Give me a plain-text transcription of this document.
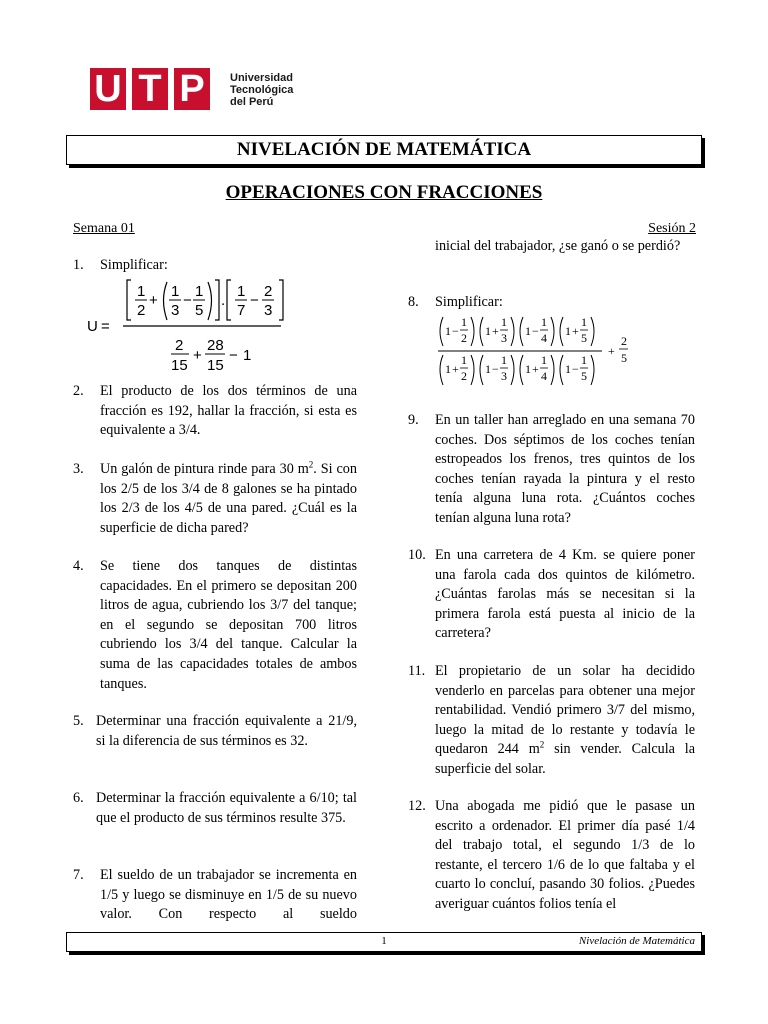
U T P	Universidad
Tecnológica
del Perú
NIVELACIÓN DE MATEMÁTICA
OPERACIONES CON FRACCIONES
Semana 01	Sesión 2
1. Simplificar:
U =
1
2
+
1
3
−
1
5
.
1
7
−
2
3
2
15
+
28
15
− 1
2. El producto de los dos términos de una fracción es 192, hallar la fracción, si esta es equivalente a 3/4.
3. Un galón de pintura rinde para 30 $m^2$. Si con los 2/5 de los 3/4 de 8 galones se ha pintado los 2/3 de los 4/5 de una pared. ¿Cuál es la superficie de dicha pared?
4. Se tiene dos tanques de distintas capacidades. En el primero se depositan 200 litros de agua, cubriendo los 3/7 del tanque; en el segundo se depositan 700 litros cubriendo los 3/4 del tanque. Calcular la suma de las capacidades totales de ambos tanques.
5. Determinar una fracción equivalente a 21/9, si la diferencia de sus términos es 32.
6. Determinar la fracción equivalente a 6/10; tal que el producto de sus términos resulte 375.
7. El sueldo de un trabajador se incrementa en 1/5 y luego se disminuye en 1/5 de su nuevo valor. Con respecto al sueldo
inicial del trabajador, ¿se ganó o se perdió?
8. Simplificar:
1 −
1
2 1 +
1
3 1 −
1
4 1 +
1
5
1 +
1
2 1 −
1
3 1 +
1
4 1 −
1
5
+
2
5
9. En un taller han arreglado en una semana 70 coches. Dos séptimos de los coches tenían estropeados los frenos, tres quintos de los coches tenían rayada la pintura y el resto tenía alguna luna rota. ¿Cuántos coches tenían alguna luna rota?
10. En una carretera de 4 Km. se quiere poner una farola cada dos quintos de kilómetro. ¿Cuántas farolas más se necesitan si la primera farola está puesta al inicio de la carretera?
11. El propietario de un solar ha decidido venderlo en parcelas para obtener una mejor rentabilidad. Vendió primero 3/7 del mismo, luego la mitad de lo restante y todavía le quedaron 244 $m^2$ sin vender. Calcula la superficie del solar.
12. Una abogada me pidió que le pasase un escrito a ordenador. El primer día pasé 1/4 del trabajo total, el segundo 1/3 de lo restante, el tercero 1/6 de lo que faltaba y el cuarto lo concluí, pasando 30 folios. ¿Puedes averiguar cuántos folios tenía el
1	Nivelación de Matemática
